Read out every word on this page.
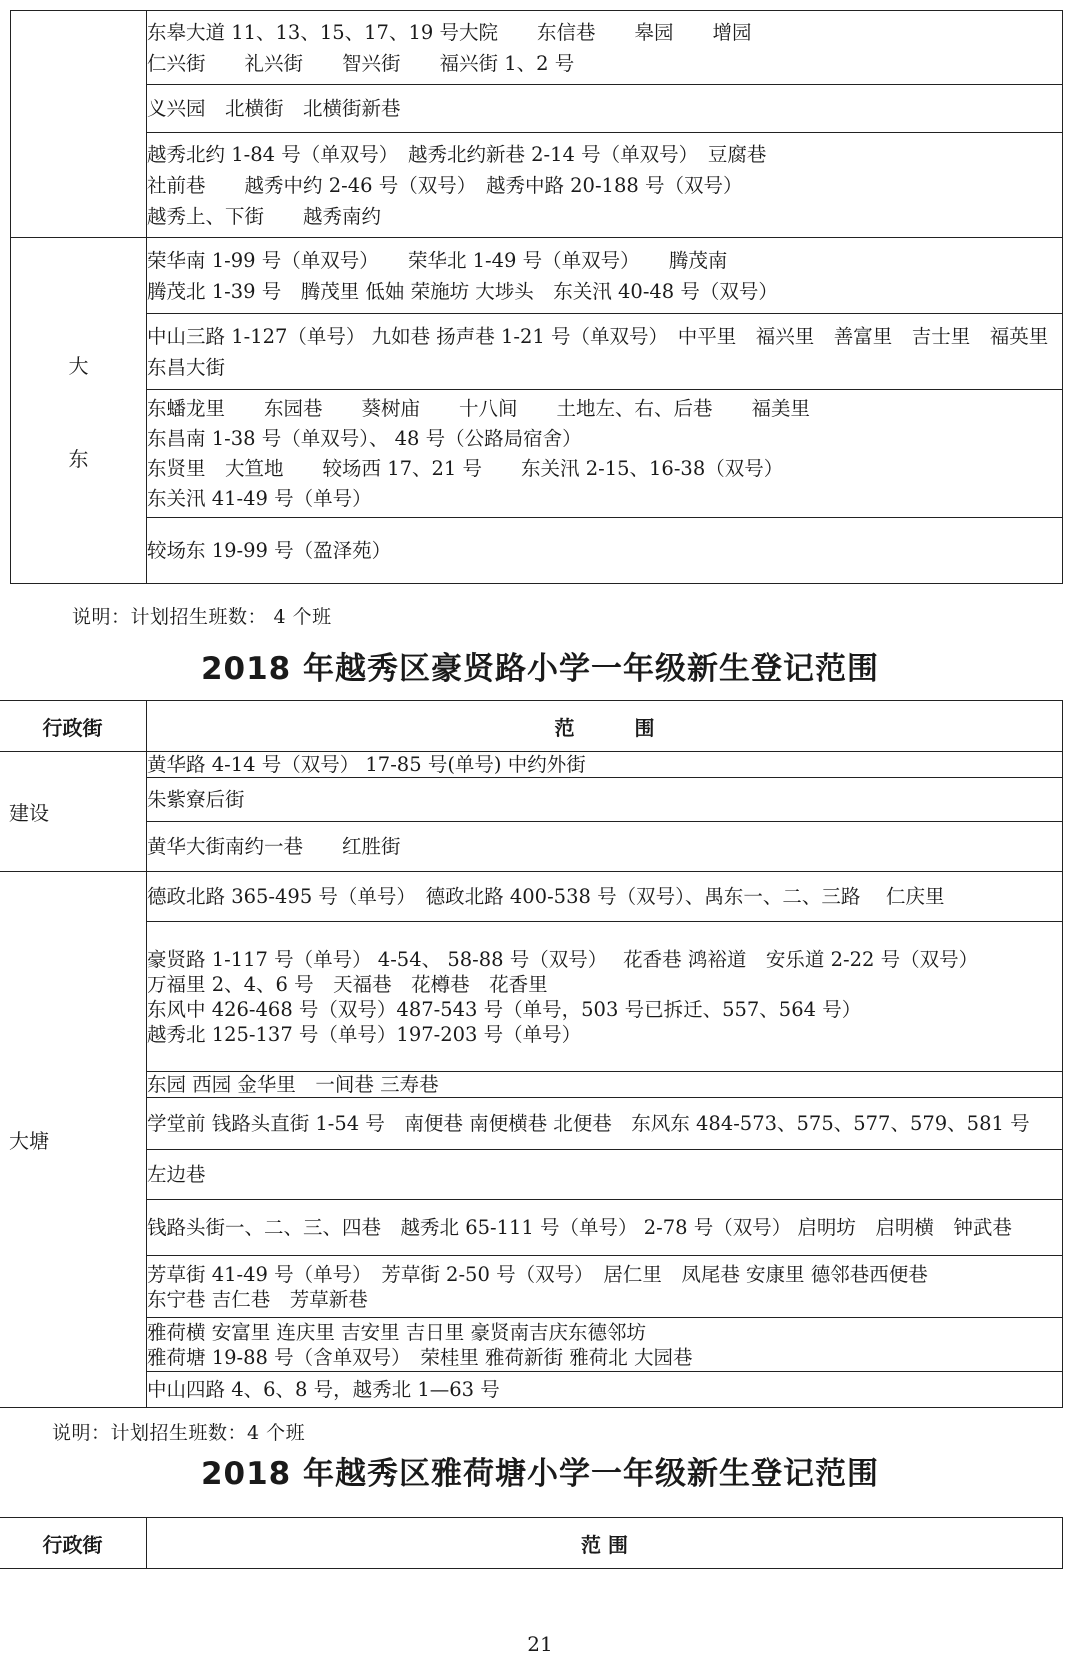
	东皋大道 11、13、15、17、19 号大院　　东信巷　　皋园　　增园
仁兴街　　礼兴街　　智兴街　　福兴街 1、2 号

	义兴园　北横街　北横街新巷

	越秀北约 1-84 号（单双号）　越秀北约新巷 2-14 号（单双号）　豆腐巷
社前巷　　越秀中约 2-46 号（双号）　越秀中路 20-188 号（双号）
越秀上、下街　　越秀南约

大
东	荣华南 1-99 号（单双号）　　荣华北 1-49 号（单双号）　　腾茂南
腾茂北 1-39 号　腾茂里 低妯 荣施坊 大埗头　东关汛 40-48 号（双号）

	中山三路 1-127（单号） 九如巷 扬声巷 1-21 号（单双号）　中平里　福兴里　善富里　吉士里　福英里　东昌大街

	东蟠龙里　　东园巷　　葵树庙　　十八间　　土地左、右、后巷　　福美里
东昌南 1-38 号（单双号）、 48 号（公路局宿舍）
东贤里　大笪地　　较场西 17、21 号　　东关汛 2-15、16-38（双号）
东关汛 41-49 号（单号）

	较场东 19-99 号（盈泽苑）
说明：计划招生班数： 4 个班
2018 年越秀区豪贤路小学一年级新生登记范围
行政街	范　　　围
建设	黄华路 4-14 号（双号） 17-85 号(单号) 中约外街

	朱紫寮后街

	黄华大街南约一巷　　红胜街

大塘	德政北路 365-495 号（单号）　德政北路 400-538 号（双号）、禺东一、二、三路　 仁庆里

	豪贤路 1-117 号（单号） 4-54、 58-88 号（双号）　 花香巷 鸿裕道　安乐道 2-22 号（双号）
万福里 2、4、6 号　天福巷　花樽巷　花香里
东风中 426-468 号（双号）487-543 号（单号，503 号已拆迁、557、564 号）
越秀北 125-137 号（单号）197-203 号（单号）

	东园 西园 金华里　一间巷 三寿巷

	学堂前 钱路头直街 1-54 号　南便巷 南便横巷 北便巷　东风东 484-573、575、577、579、581 号

	左边巷

	钱路头街一、二、三、四巷　越秀北 65-111 号（单号） 2-78 号（双号） 启明坊　启明横　钟武巷

	芳草街 41-49 号（单号）　芳草街 2-50 号（双号）　居仁里　凤尾巷 安康里 德邻巷西便巷
东宁巷 吉仁巷　芳草新巷

	雅荷横 安富里 连庆里 吉安里 吉日里 豪贤南吉庆东德邻坊
雅荷塘 19-88 号（含单双号）　荣桂里 雅荷新街 雅荷北 大园巷

	中山四路 4、6、8 号，越秀北 1—63 号
说明：计划招生班数：4 个班
2018 年越秀区雅荷塘小学一年级新生登记范围
行政街	范 围
21
